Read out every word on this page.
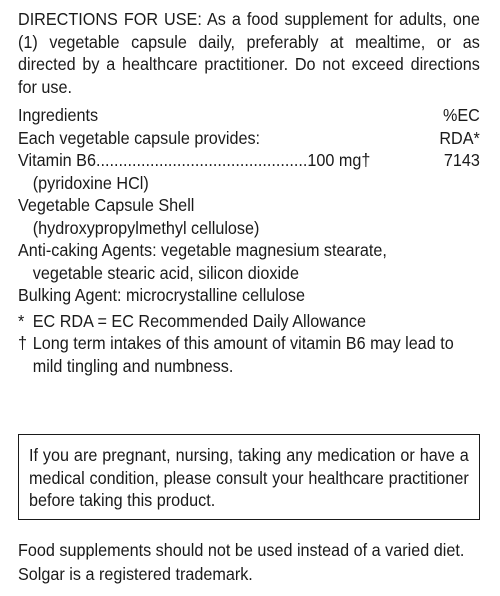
DIRECTIONS FOR USE: As a food supplement for adults, one (1) vegetable capsule daily, preferably at mealtime, or as directed by a healthcare practitioner. Do not exceed directions for use.

Ingredients	%EC
Each vegetable capsule provides:	RDA*
Vitamin B6...............................................100 mg†	7143
(pyridoxine HCl)
Vegetable Capsule Shell
(hydroxypropylmethyl cellulose)
Anti-caking Agents: vegetable magnesium stearate,
vegetable stearic acid, silicon dioxide
Bulking Agent: microcrystalline cellulose
* EC RDA = EC Recommended Daily Allowance
† Long term intakes of this amount of vitamin B6 may lead to mild tingling and numbness.
If you are pregnant, nursing, taking any medication or have a medical condition, please consult your healthcare practitioner before taking this product.

Food supplements should not be used instead of a varied diet.

Solgar is a registered trademark.
